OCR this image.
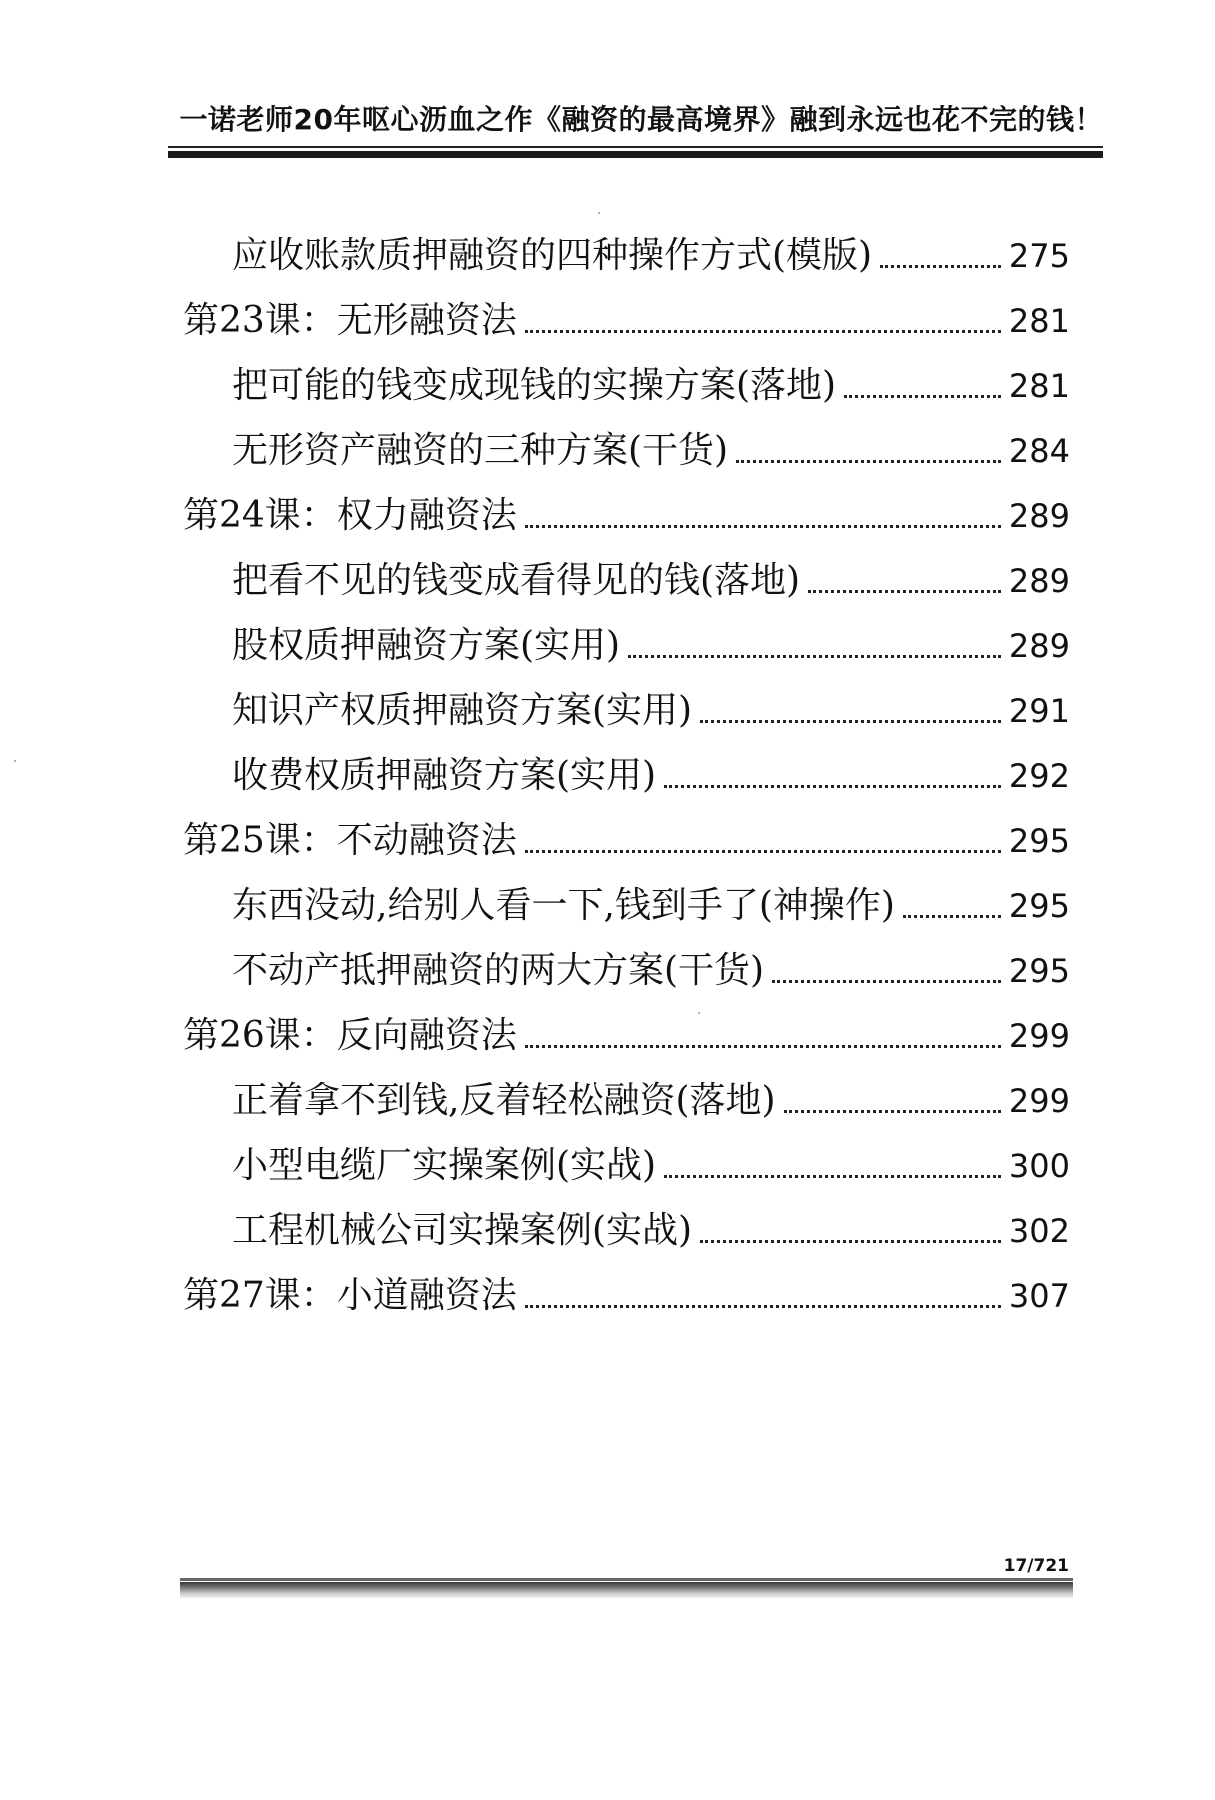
一诺老师20年呕心沥血之作《融资的最高境界》融到永远也花不完的钱！
应收账款质押融资的四种操作方式(模版)	275
第23课：无形融资法	281
把可能的钱变成现钱的实操方案(落地)	281
无形资产融资的三种方案(干货)	284
第24课：权力融资法	289
把看不见的钱变成看得见的钱(落地)	289
股权质押融资方案(实用)	289
知识产权质押融资方案(实用)	291
收费权质押融资方案(实用)	292
第25课：不动融资法	295
东西没动,给别人看一下,钱到手了(神操作)	295
不动产抵押融资的两大方案(干货)	295
第26课：反向融资法	299
正着拿不到钱,反着轻松融资(落地)	299
小型电缆厂实操案例(实战)	300
工程机械公司实操案例(实战)	302
第27课：小道融资法	307
17/721
